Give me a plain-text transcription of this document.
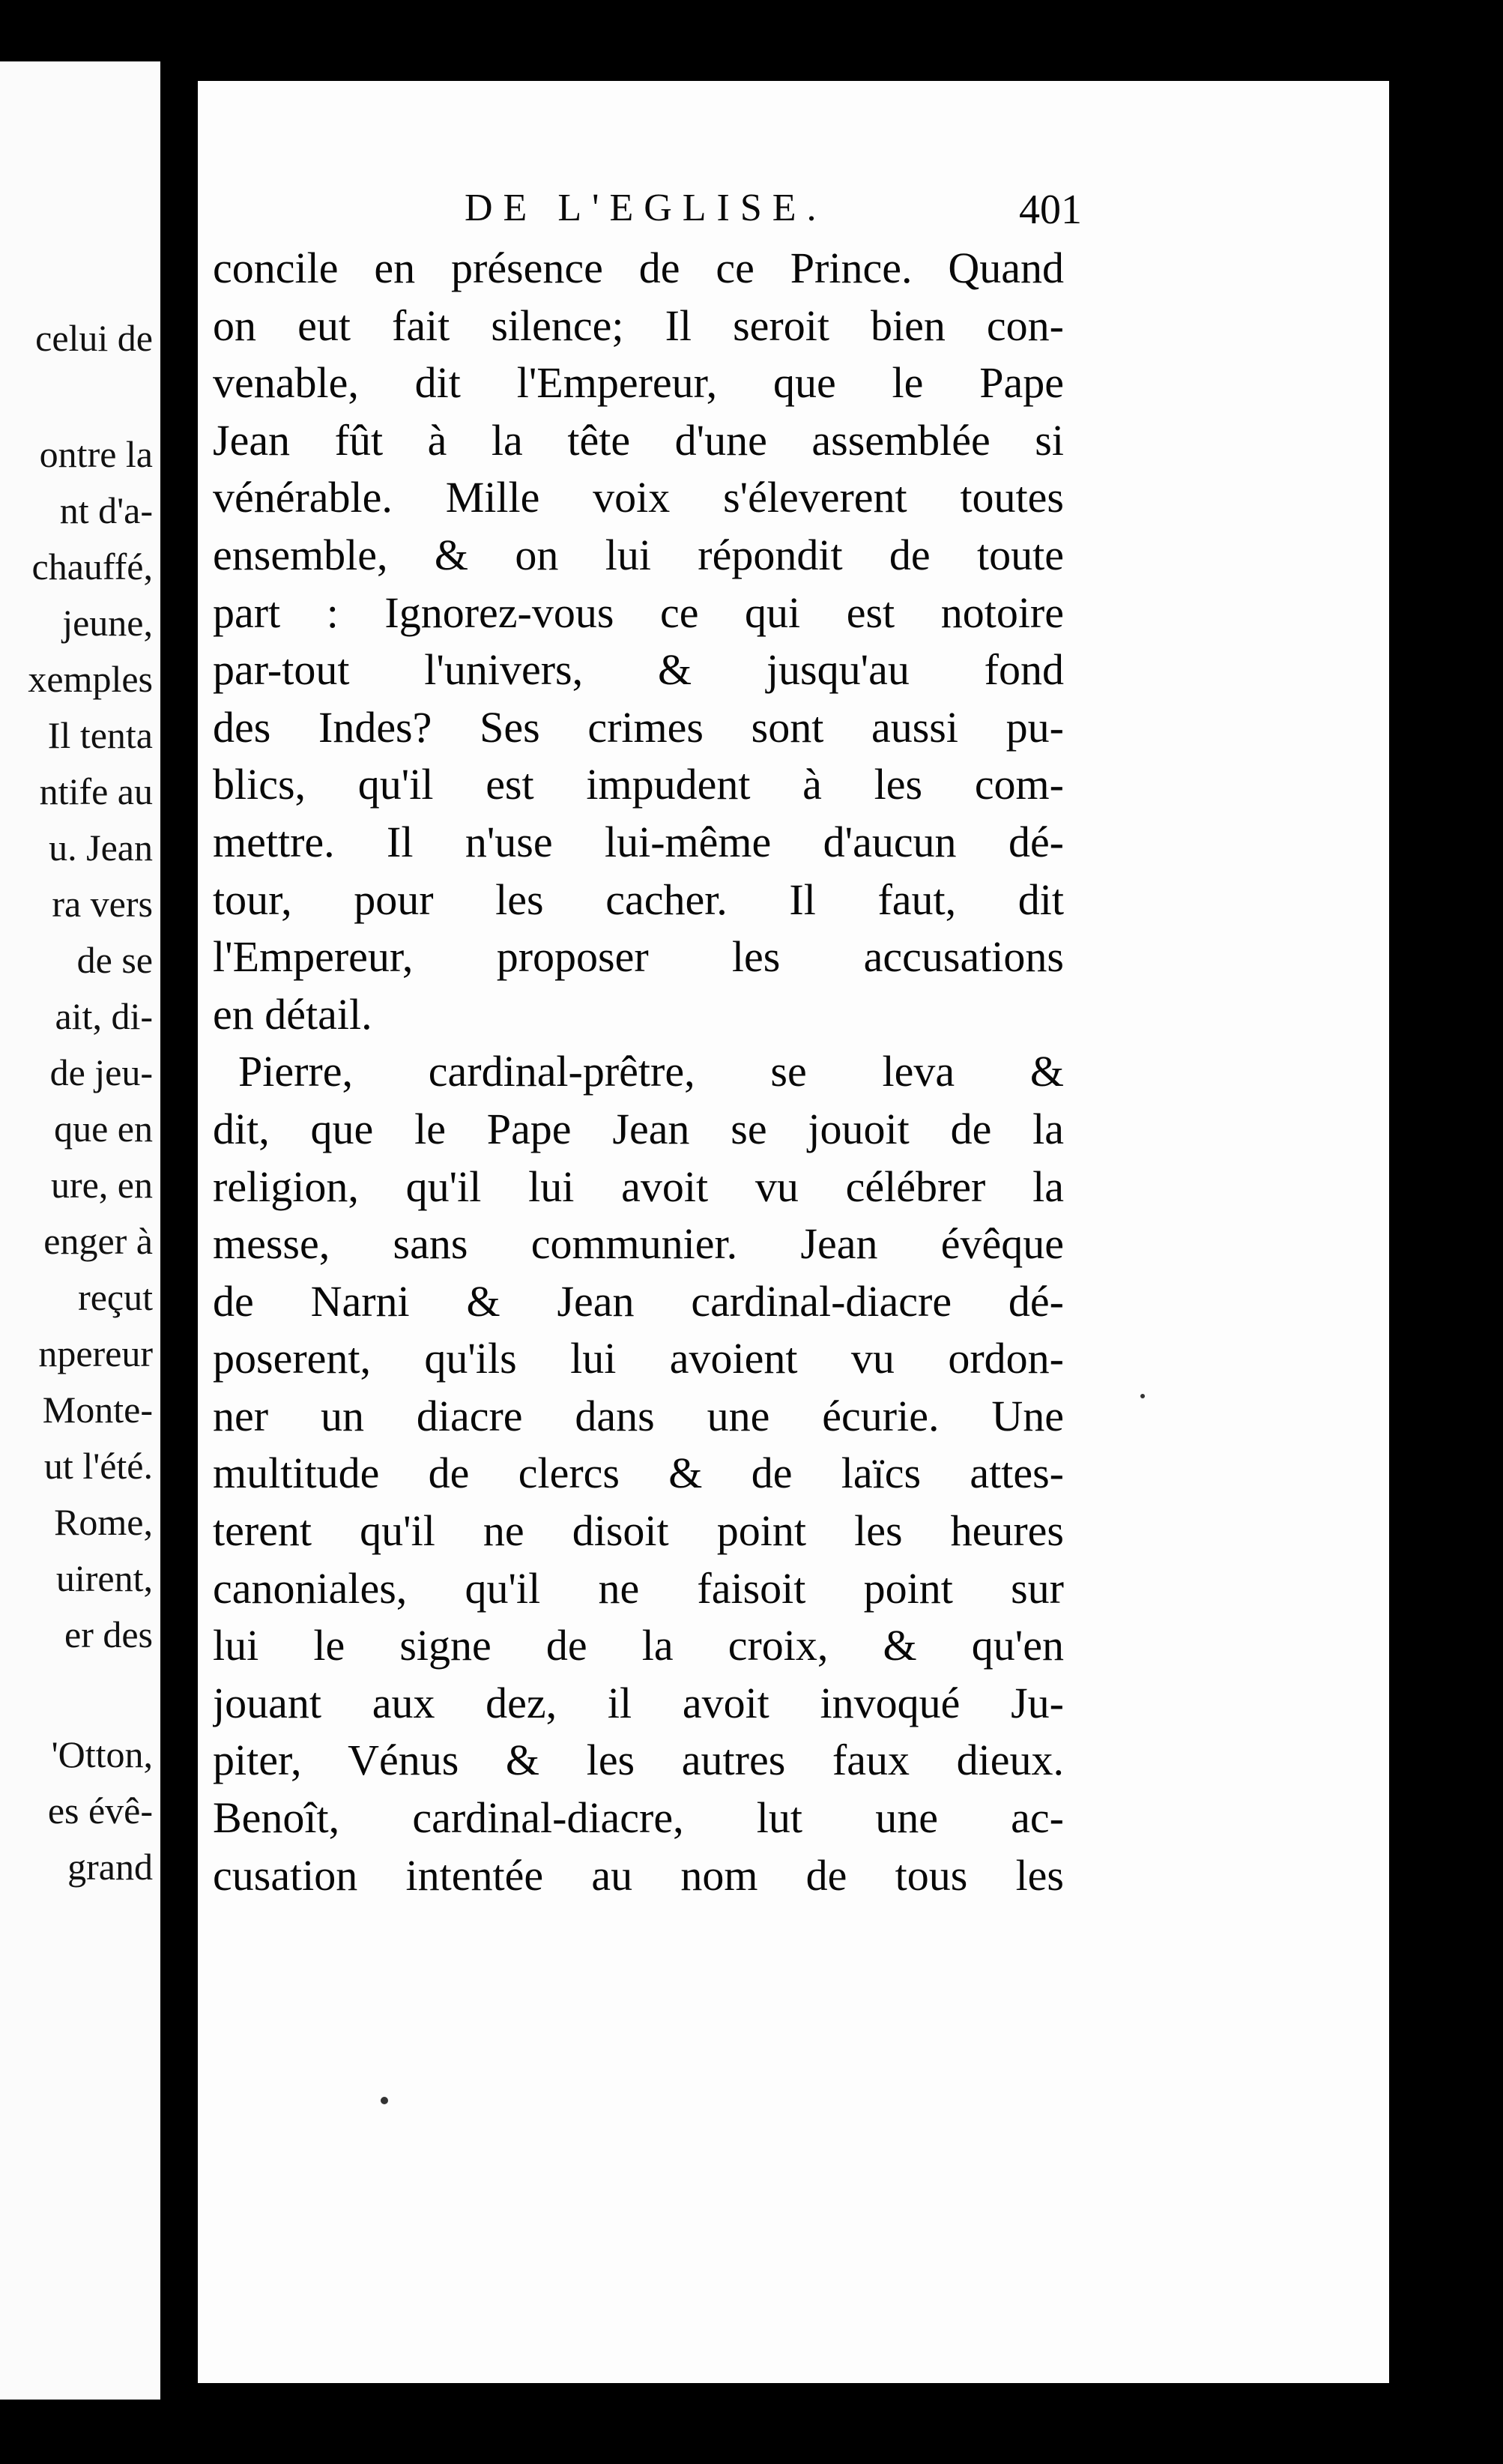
celui de
ontre la
nt d'a-
chauffé,
jeune,
xemples
Il tenta
ntife au
u. Jean
ra vers
de se
ait, di-
de jeu-
que en
ure, en
enger à
reçut
npereur
Monte-
ut l'été.
Rome,
uirent,
er des
'Otton,
es évê-
grand
DE L'EGLISE.	401
concile en présence de ce Prince. Quand
on eut fait silence; Il seroit bien con-
venable, dit l'Empereur, que le Pape
Jean fût à la tête d'une assemblée si
vénérable. Mille voix s'éleverent toutes
ensemble, & on lui répondit de toute
part : Ignorez-vous ce qui est notoire
par-tout l'univers, & jusqu'au fond
des Indes? Ses crimes sont aussi pu-
blics, qu'il est impudent à les com-
mettre. Il n'use lui-même d'aucun dé-
tour, pour les cacher. Il faut, dit
l'Empereur, proposer les accusations
en détail.
Pierre, cardinal-prêtre, se leva &
dit, que le Pape Jean se jouoit de la
religion, qu'il lui avoit vu célébrer la
messe, sans communier. Jean évêque
de Narni & Jean cardinal-diacre dé-
poserent, qu'ils lui avoient vu ordon-
ner un diacre dans une écurie. Une
multitude de clercs & de laïcs attes-
terent qu'il ne disoit point les heures
canoniales, qu'il ne faisoit point sur
lui le signe de la croix, & qu'en
jouant aux dez, il avoit invoqué Ju-
piter, Vénus & les autres faux dieux.
Benoît, cardinal-diacre, lut une ac-
cusation intentée au nom de tous les
